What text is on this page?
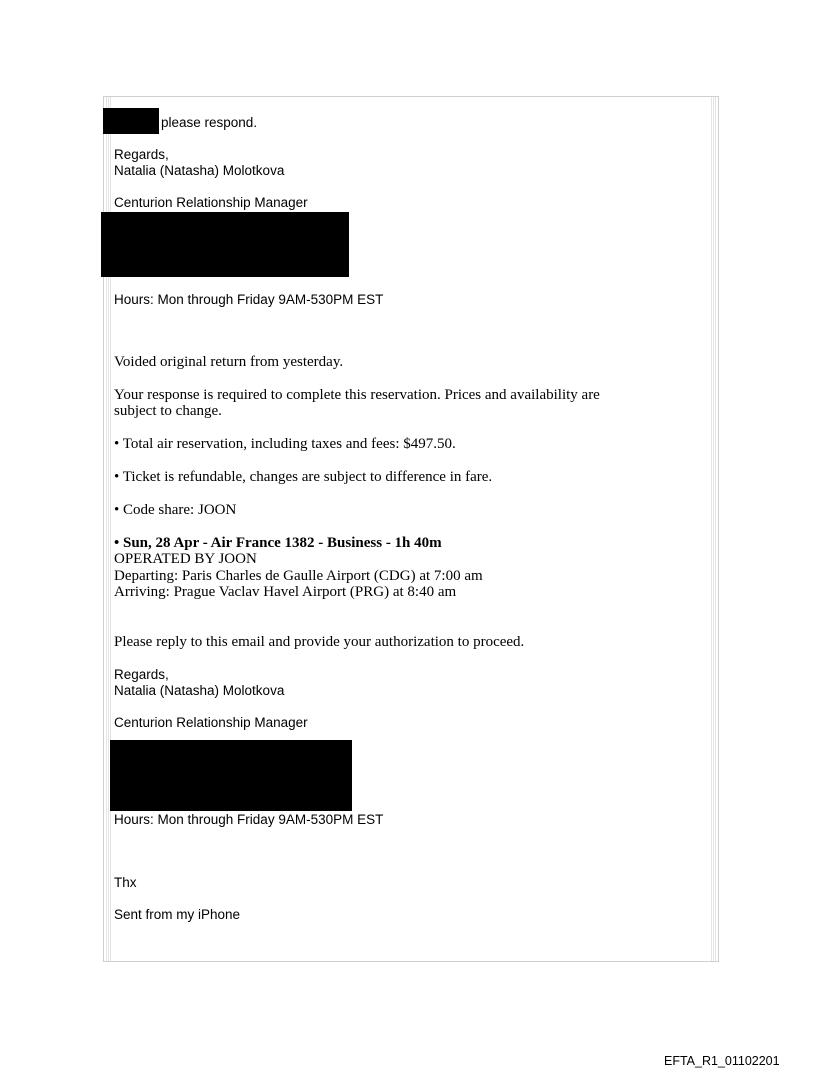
please respond.
Regards,
Natalia (Natasha) Molotkova
Centurion Relationship Manager
Hours: Mon through Friday 9AM-530PM EST
Voided original return from yesterday.
Your response is required to complete this reservation. Prices and availability are
subject to change.
• Total air reservation, including taxes and fees: $497.50.
• Ticket is refundable, changes are subject to difference in fare.
• Code share: JOON
• Sun, 28 Apr - Air France 1382 - Business - 1h 40m
OPERATED BY JOON
Departing: Paris Charles de Gaulle Airport (CDG) at 7:00 am
Arriving: Prague Vaclav Havel Airport (PRG) at 8:40 am
Please reply to this email and provide your authorization to proceed.
Regards,
Natalia (Natasha) Molotkova
Centurion Relationship Manager
Hours: Mon through Friday 9AM-530PM EST
Thx
Sent from my iPhone
EFTA_R1_01102201
